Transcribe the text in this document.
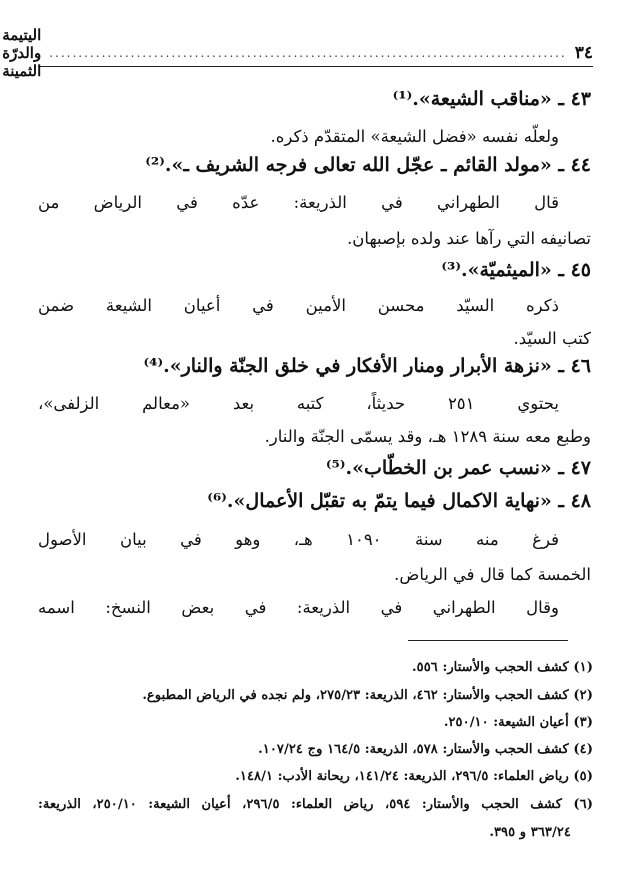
٣٤
.........................................................................................
اليتيمة والدرّة الثمينة
٤٣ ـ «مناقب الشيعة».⁽¹⁾
ولعلّه نفسه «فضل الشيعة» المتقدّم ذكره.
٤٤ ـ «مولد القائم ـ عجّل الله تعالى فرجه الشريف ـ».⁽²⁾
قال الطهراني في الذريعة: عدّه في الرياض من
تصانيفه التي رآها عند ولده بإصبهان.
٤٥ ـ «الميثميّة».⁽³⁾
ذكره السيّد محسن الأمين في أعيان الشيعة ضمن
كتب السيّد.
٤٦ ـ «نزهة الأبرار ومنار الأفكار في خلق الجنّة والنار».⁽⁴⁾
يحتوي ٢٥١ حديثاً، كتبه بعد «معالم الزلفى»،
وطبع معه سنة ١٢٨٩ هـ، وقد يسمّى الجنّة والنار.
٤٧ ـ «نسب عمر بن الخطّاب».⁽⁵⁾
٤٨ ـ «نهاية الاكمال فيما يتمّ به تقبّل الأعمال».⁽⁶⁾
فرغ منه سنة ١٠٩٠ هـ، وهو في بيان الأصول
الخمسة كما قال في الرياض.
وقال الطهراني في الذريعة: في بعض النسخ: اسمه
(١) كشف الحجب والأستار: ٥٥٦.
(٢) كشف الحجب والأستار: ٤٦٢، الذريعة: ٢٧٥/٢٣، ولم نجده في الرياض المطبوع.
(٣) أعيان الشيعة: ٢٥٠/١٠.
(٤) كشف الحجب والأستار: ٥٧٨، الذريعة: ١٦٤/٥ وج ١٠٧/٢٤.
(٥) رياض العلماء: ٢٩٦/٥، الذريعة: ١٤١/٢٤، ريحانة الأدب: ١٤٨/١.
(٦) كشف الحجب والأستار: ٥٩٤، رياض العلماء: ٢٩٦/٥، أعيان الشيعة: ٢٥٠/١٠، الذريعة:
٣٦٣/٢٤ و ٣٩٥.
